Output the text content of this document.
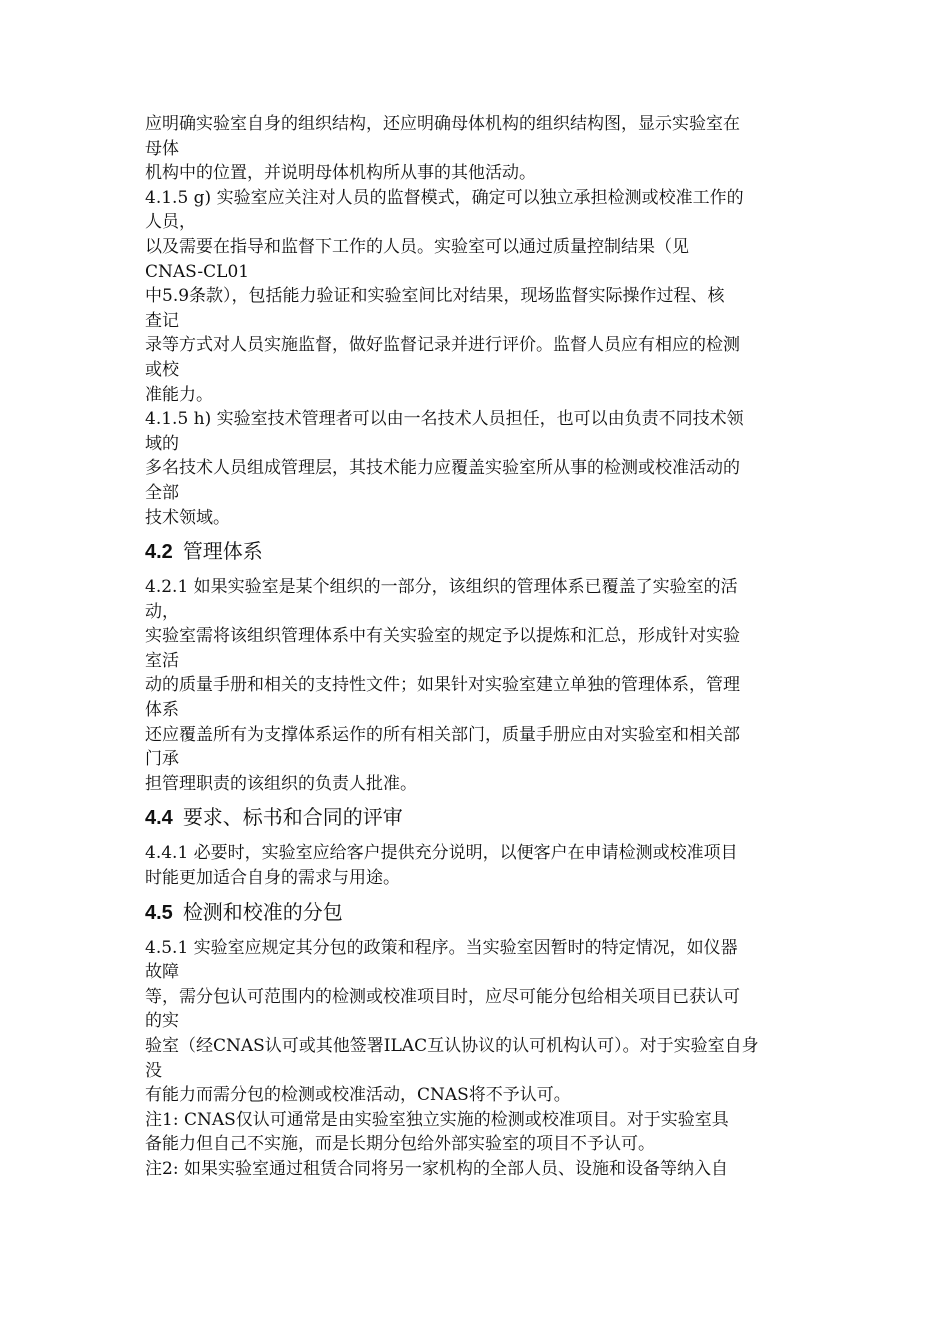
应明确实验室自身的组织结构，还应明确母体机构的组织结构图，显示实验室在

母体

机构中的位置，并说明母体机构所从事的其他活动。

4.1.5 g) 实验室应关注对人员的监督模式，确定可以独立承担检测或校准工作的

人员，

以及需要在指导和监督下工作的人员。实验室可以通过质量控制结果（见

CNAS-CL01

中5.9条款），包括能力验证和实验室间比对结果，现场监督实际操作过程、核

查记

录等方式对人员实施监督，做好监督记录并进行评价。监督人员应有相应的检测

或校

准能力。

4.1.5 h) 实验室技术管理者可以由一名技术人员担任，也可以由负责不同技术领

域的

多名技术人员组成管理层，其技术能力应覆盖实验室所从事的检测或校准活动的

全部

技术领域。

4.2 管理体系

4.2.1 如果实验室是某个组织的一部分，该组织的管理体系已覆盖了实验室的活

动，

实验室需将该组织管理体系中有关实验室的规定予以提炼和汇总，形成针对实验

室活

动的质量手册和相关的支持性文件；如果针对实验室建立单独的管理体系，管理

体系

还应覆盖所有为支撑体系运作的所有相关部门，质量手册应由对实验室和相关部

门承

担管理职责的该组织的负责人批准。

4.4 要求、标书和合同的评审

4.4.1 必要时，实验室应给客户提供充分说明，以便客户在申请检测或校准项目

时能更加适合自身的需求与用途。

4.5 检测和校准的分包

4.5.1 实验室应规定其分包的政策和程序。当实验室因暂时的特定情况，如仪器

故障

等，需分包认可范围内的检测或校准项目时，应尽可能分包给相关项目已获认可

的实

验室（经CNAS认可或其他签署ILAC互认协议的认可机构认可）。对于实验室自身

没

有能力而需分包的检测或校准活动，CNAS将不予认可。

注1: CNAS仅认可通常是由实验室独立实施的检测或校准项目。对于实验室具

备能力但自己不实施，而是长期分包给外部实验室的项目不予认可。

注2: 如果实验室通过租赁合同将另一家机构的全部人员、设施和设备等纳入自
